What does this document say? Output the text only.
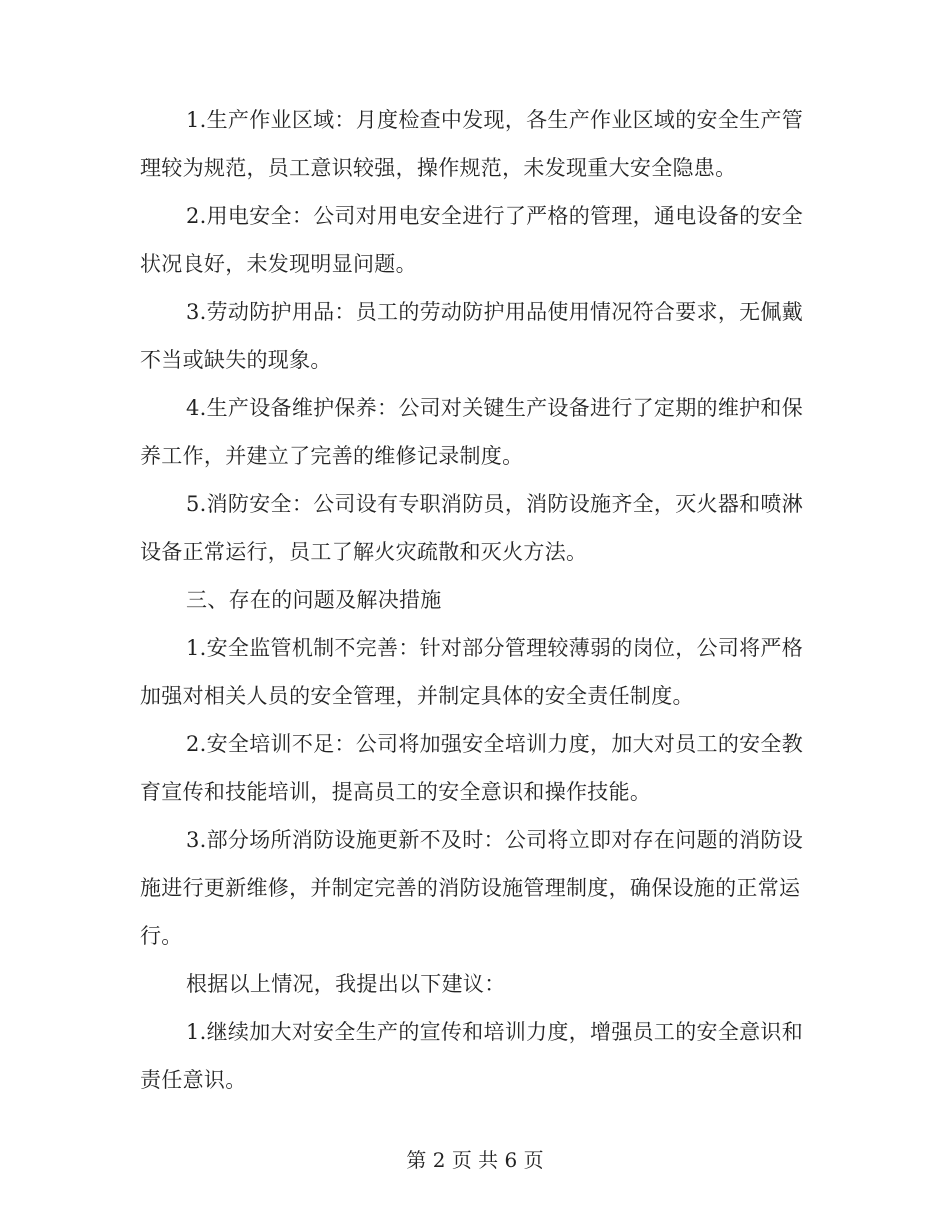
1.生产作业区域：月度检查中发现，各生产作业区域的安全生产管理较为规范，员工意识较强，操作规范，未发现重大安全隐患。

2.用电安全：公司对用电安全进行了严格的管理，通电设备的安全状况良好，未发现明显问题。

3.劳动防护用品：员工的劳动防护用品使用情况符合要求，无佩戴不当或缺失的现象。

4.生产设备维护保养：公司对关键生产设备进行了定期的维护和保养工作，并建立了完善的维修记录制度。

5.消防安全：公司设有专职消防员，消防设施齐全，灭火器和喷淋设备正常运行，员工了解火灾疏散和灭火方法。

三、存在的问题及解决措施

1.安全监管机制不完善：针对部分管理较薄弱的岗位，公司将严格加强对相关人员的安全管理，并制定具体的安全责任制度。

2.安全培训不足：公司将加强安全培训力度，加大对员工的安全教育宣传和技能培训，提高员工的安全意识和操作技能。

3.部分场所消防设施更新不及时：公司将立即对存在问题的消防设施进行更新维修，并制定完善的消防设施管理制度，确保设施的正常运行。

根据以上情况，我提出以下建议：

1.继续加大对安全生产的宣传和培训力度，增强员工的安全意识和责任意识。

第 2 页 共 6 页
